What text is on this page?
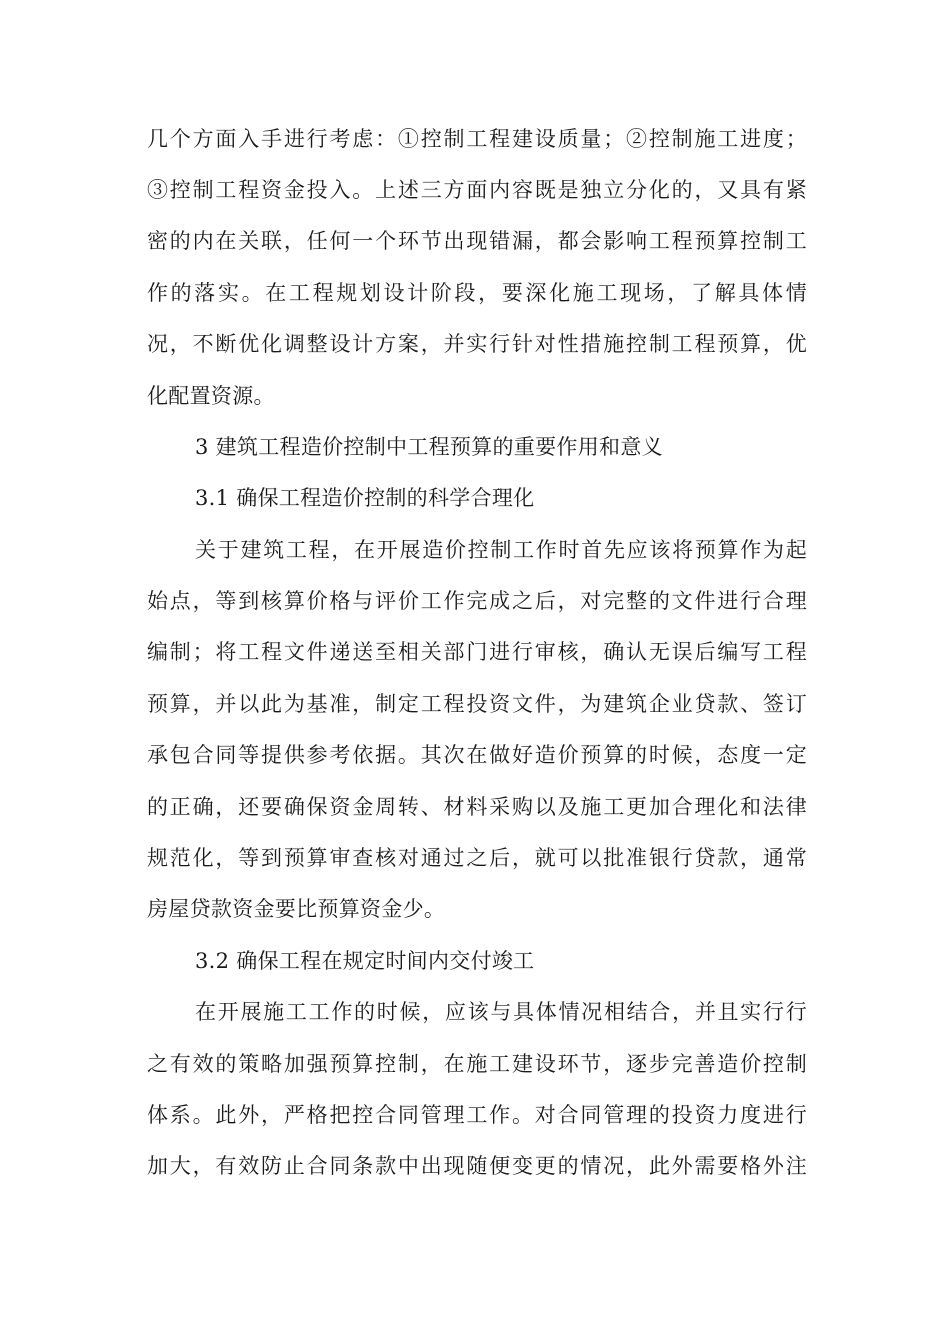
几个方面入手进行考虑：①控制工程建设质量；②控制施工进度；
③控制工程资金投入。上述三方面内容既是独立分化的，又具有紧
密的内在关联，任何一个环节出现错漏，都会影响工程预算控制工
作的落实。在工程规划设计阶段，要深化施工现场，了解具体情
况，不断优化调整设计方案，并实行针对性措施控制工程预算，优
化配置资源。
3 建筑工程造价控制中工程预算的重要作用和意义
3.1 确保工程造价控制的科学合理化
关于建筑工程，在开展造价控制工作时首先应该将预算作为起
始点，等到核算价格与评价工作完成之后，对完整的文件进行合理
编制；将工程文件递送至相关部门进行审核，确认无误后编写工程
预算，并以此为基准，制定工程投资文件，为建筑企业贷款、签订
承包合同等提供参考依据。其次在做好造价预算的时候，态度一定
的正确，还要确保资金周转、材料采购以及施工更加合理化和法律
规范化，等到预算审查核对通过之后，就可以批准银行贷款，通常
房屋贷款资金要比预算资金少。
3.2 确保工程在规定时间内交付竣工
在开展施工工作的时候，应该与具体情况相结合，并且实行行
之有效的策略加强预算控制，在施工建设环节，逐步完善造价控制
体系。此外，严格把控合同管理工作。对合同管理的投资力度进行
加大，有效防止合同条款中出现随便变更的情况，此外需要格外注
